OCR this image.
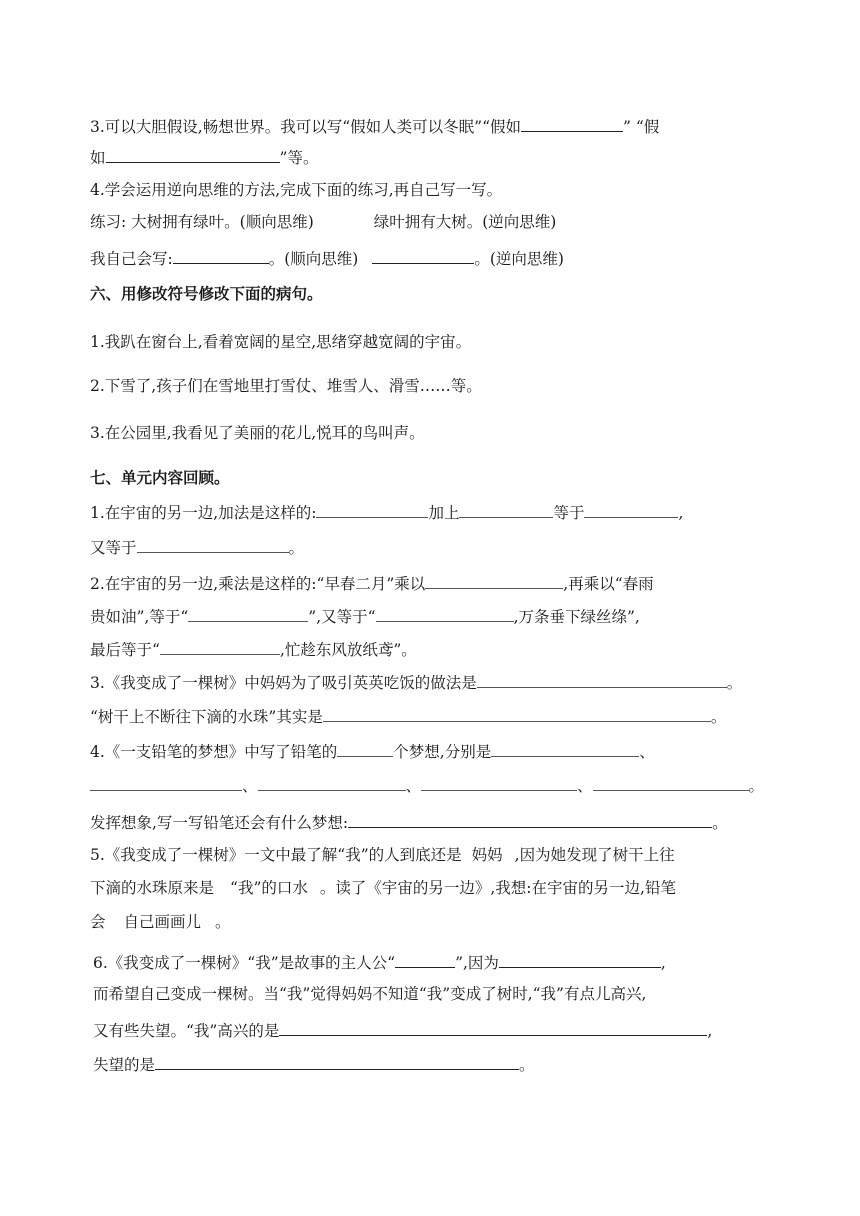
3.可以大胆假设,畅想世界。我可以写“假如人类可以冬眠”“假如	” “假
如	”等。
4.学会运用逆向思维的方法,完成下面的练习,再自己写一写。
练习: 大树拥有绿叶。(顺向思维)	绿叶拥有大树。(逆向思维)
我自己会写:	。(顺向思维)	。(逆向思维)
六、用修改符号修改下面的病句。
1.我趴在窗台上,看着宽阔的星空,思绪穿越宽阔的宇宙。
2.下雪了,孩子们在雪地里打雪仗、堆雪人、滑雪……等。
3.在公园里,我看见了美丽的花儿,悦耳的鸟叫声。
七、单元内容回顾。
1.在宇宙的另一边,加法是这样的:	加上	等于	,
又等于	。
2.在宇宙的另一边,乘法是这样的:“早春二月”乘以	,再乘以“春雨
贵如油”,等于“	”,又等于“	,万条垂下绿丝绦”,
最后等于“	,忙趁东风放纸鸢”。
3.《我变成了一棵树》中妈妈为了吸引英英吃饭的做法是	。
“树干上不断往下滴的水珠”其实是	。
4.《一支铅笔的梦想》中写了铅笔的	个梦想,分别是	、
、	、	、	。
发挥想象,写一写铅笔还会有什么梦想:	。
5.《我变成了一棵树》一文中最了解“我”的人到底还是 妈妈 ,因为她发现了树干上往
下滴的水珠原来是 “我”的口水 。读了《宇宙的另一边》,我想:在宇宙的另一边,铅笔
会 自己画画儿 。
6.《我变成了一棵树》“我”是故事的主人公“	”,因为	,
而希望自己变成一棵树。当“我”觉得妈妈不知道“我”变成了树时,“我”有点儿高兴,
又有些失望。“我”高兴的是	,
失望的是	。
